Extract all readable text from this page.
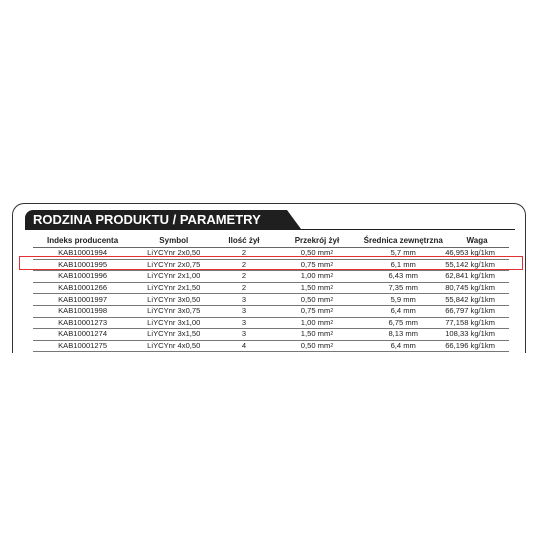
RODZINA PRODUKTU / PARAMETRY
Indeks producenta	Symbol	Ilość żył	Przekrój żył	Średnica zewnętrzna	Waga
KAB10001994	LiYCYnr 2x0,50	2	0,50 $mm^2$	5,7 mm	46,953 kg/1km
KAB10001995	LiYCYnr 2x0,75	2	0,75 $mm^2$	6,1 mm	55,142 kg/1km
KAB10001996	LiYCYnr 2x1,00	2	1,00 $mm^2$	6,43 mm	62,841 kg/1km
KAB10001266	LiYCYnr 2x1,50	2	1,50 $mm^2$	7,35 mm	80,745 kg/1km
KAB10001997	LiYCYnr 3x0,50	3	0,50 $mm^2$	5,9 mm	55,842 kg/1km
KAB10001998	LiYCYnr 3x0,75	3	0,75 $mm^2$	6,4 mm	66,797 kg/1km
KAB10001273	LiYCYnr 3x1,00	3	1,00 $mm^2$	6,75 mm	77,158 kg/1km
KAB10001274	LiYCYnr 3x1,50	3	1,50 $mm^2$	8,13 mm	108,33 kg/1km
KAB10001275	LiYCYnr 4x0,50	4	0,50 $mm^2$	6,4 mm	66,196 kg/1km
